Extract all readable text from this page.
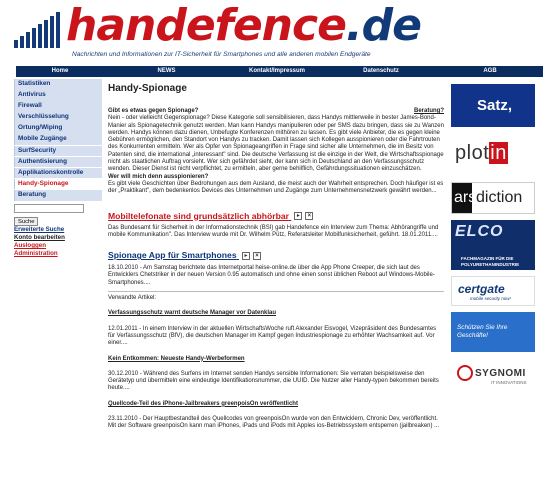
handefence.de
Nachrichten und Informationen zur IT-Sicherheit für Smartphones und alle anderen mobilen Endgeräte
Home	NEWS	Kontakt/Impressum	Datenschutz	AGB
Statistiken
Antivirus
Firewall
Verschlüsselung
Ortung/Wiping
Mobile Zugänge
SurfSecurity
Authentisierung
Applikationskontrolle
Handy-Spionage
Beratung
Suche
Erweiterte Suche
Konto bearbeiten
Ausloggen
Administration
Handy-Spionage
Beratung?
Gibt es etwas gegen Spionage?

Nein - oder vielleicht Gegenspionage? Diese Kategorie soll sensibilisieren, dass Handys mittlerweile in bester James-Bond-Manier als Spionagetechnik genutzt werden. Man kann Handys manipulieren oder per SMS dazu bringen, dass sie zu Wanzen werden. Handys können dazu dienen, Unbefugte Konferenzen mithören zu lassen. Es gibt viele Anbieter, die es gegen kleine Gebühren ermöglichen, den Standort von Handys zu tracken. Damit lassen sich Kollegen ausspionieren oder die Fahrtrouten des Konkurrenten ermitteln. Wer als Opfer von Spionageangriffen in Frage sind sicher alle Unternehmen, die im Besitz von Patenten sind, die international „interessant" sind. Die deutsche Verfassung ist die einzige in der Welt, die Wirtschaftsspionage nicht als staatlichen Auftrag vorsieht. Wer sich gefährdet sieht, der kann sich in Deutschland an den Verfassungsschutz wenden. Dieser Dienst ist nicht verpflichtet, zu ermitteln, aber gerne behilflich, Gefährdungssituationen einzuschätzen.

Wer will mich denn ausspionieren?

Es gibt viele Geschichten über Bedrohungen aus dem Ausland, die meist auch der Wahrheit entsprechen. Doch häufiger ist es der „Praktikant", dem bedenkenlos Devices des Unternehmen und Zugänge zum Unternehmensnetzwerk gewährt werden...

Mobiltelefonate sind grundsätzlich abhörbar	▸	×

Das Bundesamt für Sicherheit in der Informationstechnik (BSI) gab Handefence ein Interview zum Thema: Abhörangriffe und mobile Kommunikation". Das Interview wurde mit Dr. Wilhelm Pütz, Referatsleiter Mobilfunksicherheit, geführt. 18.01.2011....

Spionage App für Smartphones	▸	×

18.10.2010 - Am Samstag berichtete das Internetportal heise-online.de über die App Phone Creeper, die sich laut des Entwicklers Chetstriker in der neuen Version 0.95 automatisch und ohne einen sonst üblichen Reboot auf Windows-Mobile-Smartphones....

Verwandte Artikel:
Verfassungsschutz warnt deutsche Manager vor Datenklau

12.01.2011 - In einem Interview in der aktuellen WirtschaftsWoche ruft Alexander Eisvogel, Vizepräsident des Bundesamtes für Verfassungsschutz (BfV), die deutschen Manager im Kampf gegen Industriespionage zu erhöhter Wachsamkeit auf. Vor einer....

Kein Entkommen: Neueste Handy-Werbeformen

30.12.2010 - Während des Surfens im Internet senden Handys sensible Informationen: Sie verraten beispielsweise den Gerätetyp und übermitteln eine eindeutige Identifikationsnummer, die UUID. Die Nutzer aller Handy-typen bekommen bereits heute....

Quellcode-Teil des iPhone-Jailbreakers greenpoisOn veröffentlicht

23.11.2010 - Der Hauptbestandteil des Quellcodes von greenpoisOn wurde von den Entwicklern, Chronic Dev, veröffentlicht. Mit der Software greenpoisOn kann man iPhones, iPads und iPods mit Apples ios-Betriebssystem entsperren (jailbreaken) ...

Satz,
plotin
ars diction
ELCO
FACHMAGAZIN FÜR DIE POLYURETHANINDUSTRIE
certgate
mobile security now!
Schützen Sie Ihre Geschäfte!
SYGNOMI
IT INNOVATIONS
